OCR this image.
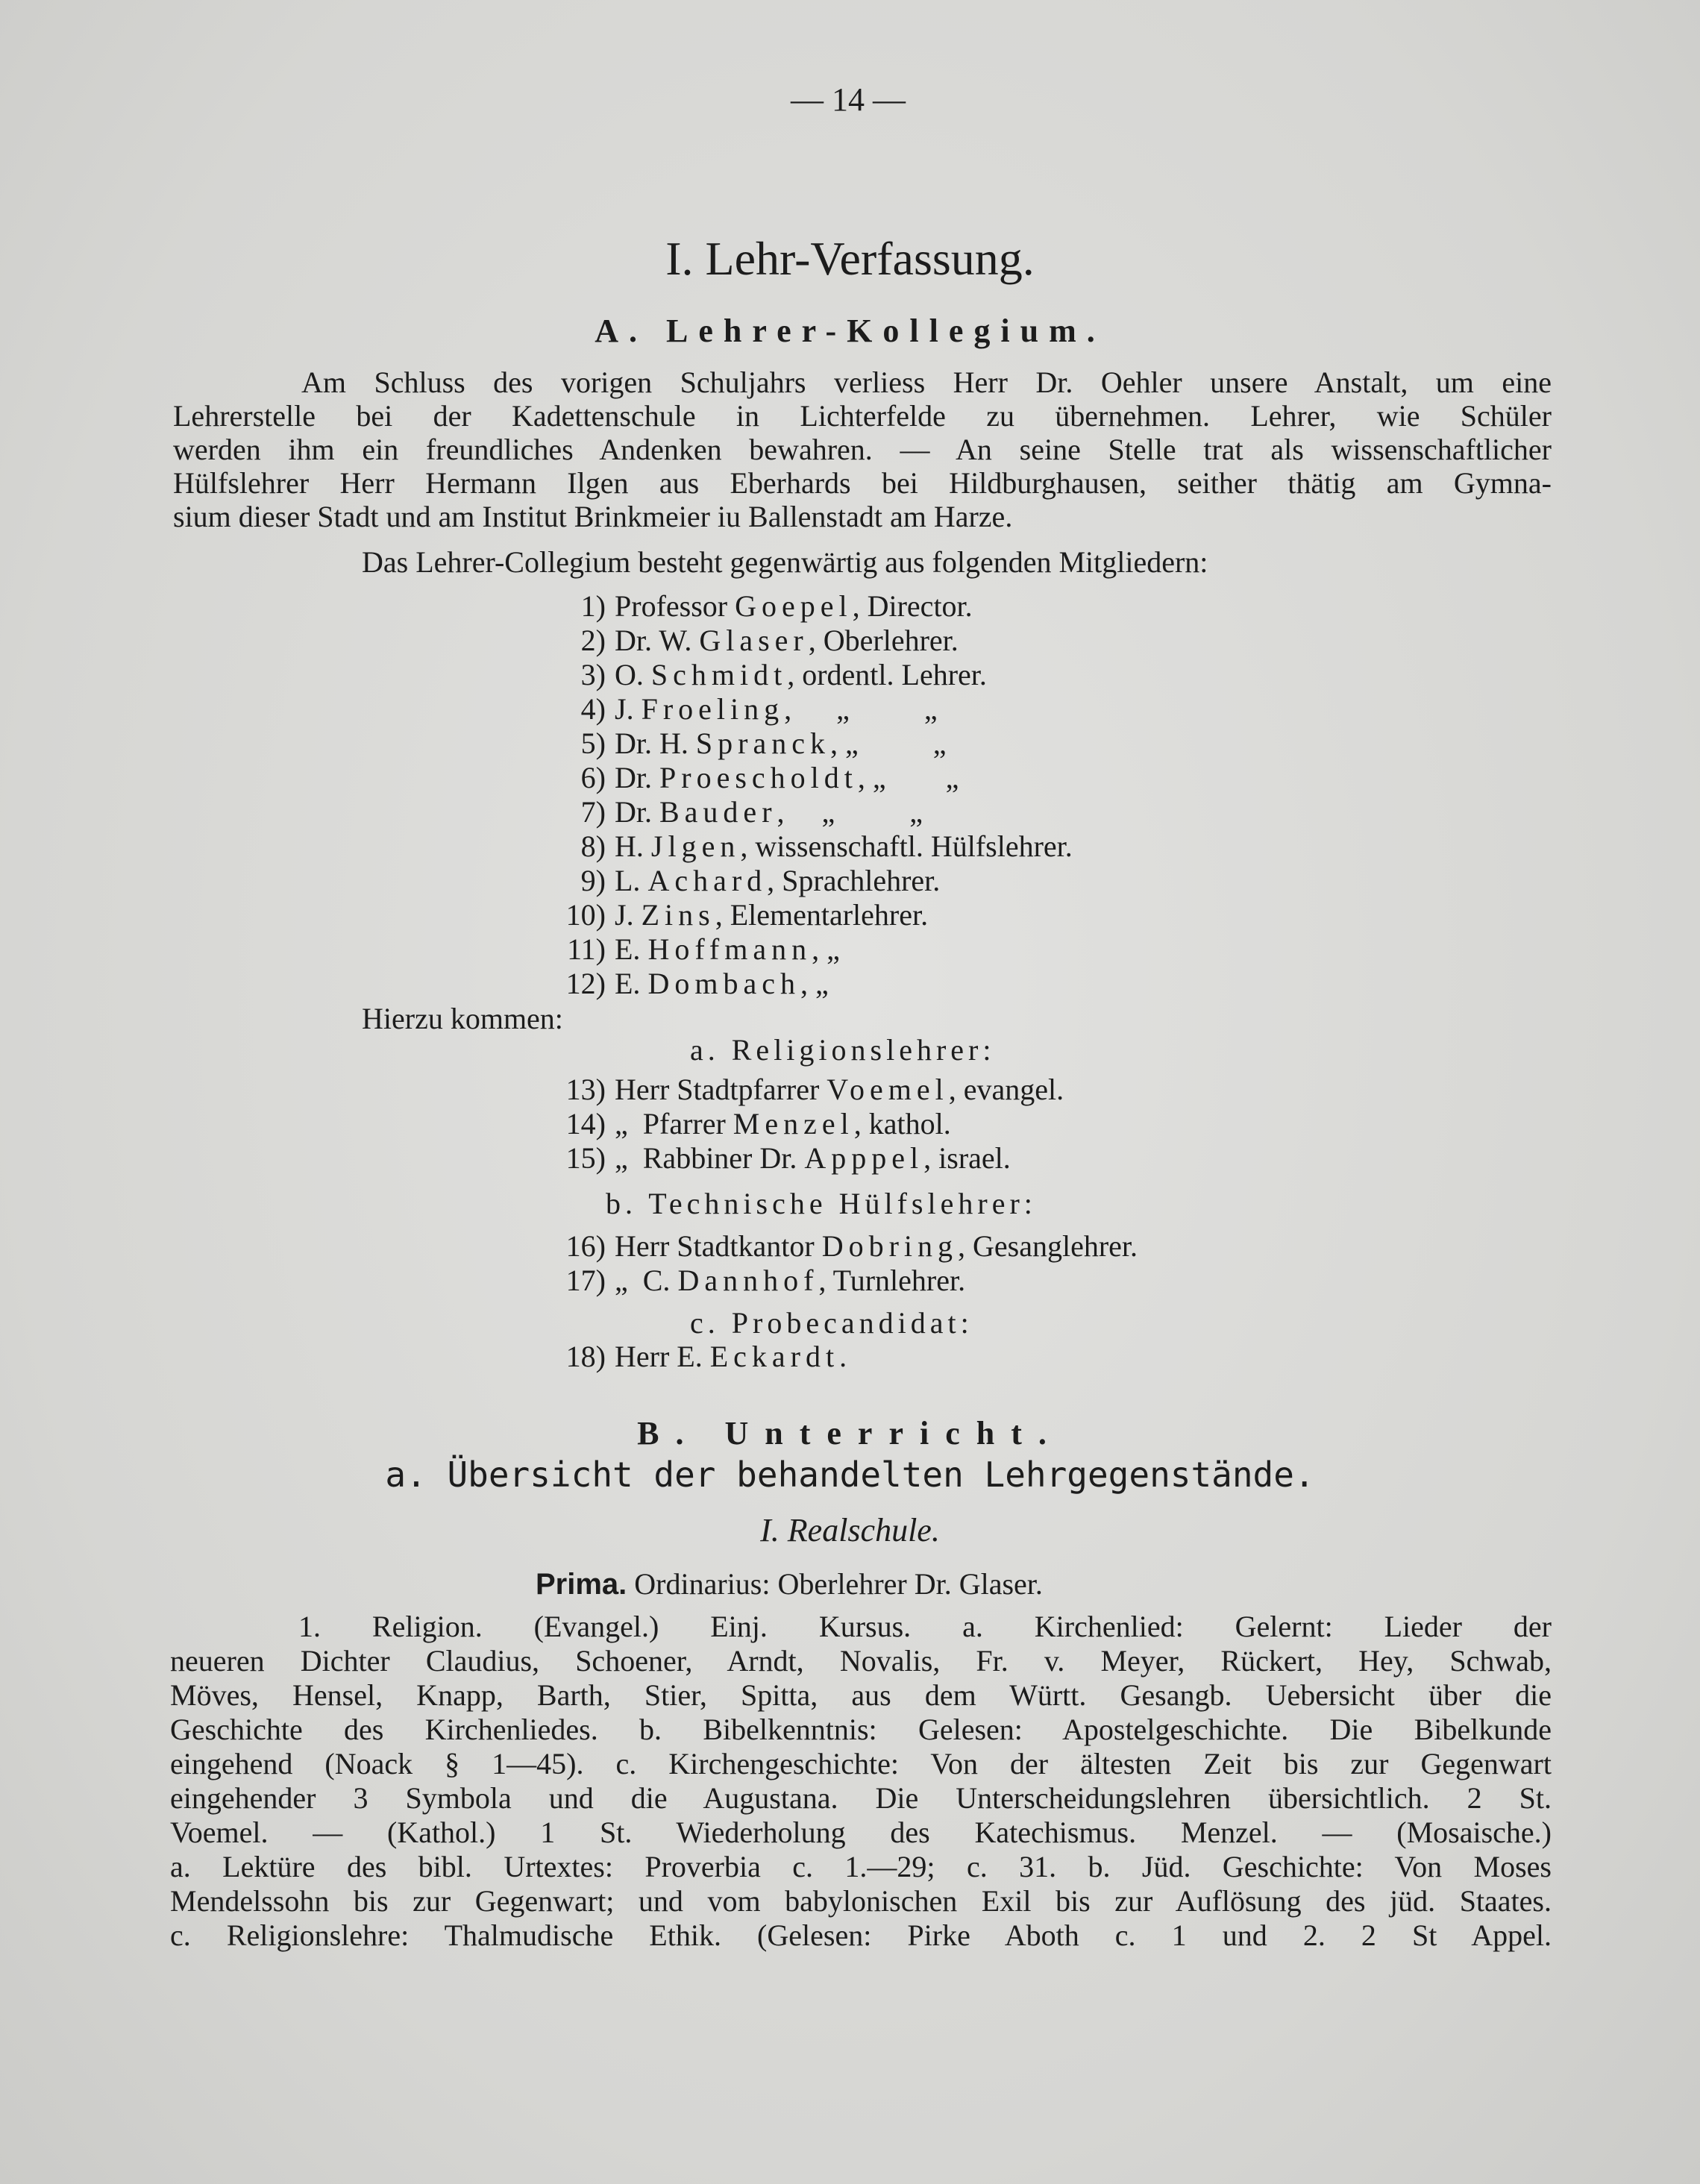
— 14 —
I. Lehr-Verfassung.
A. Lehrer-Kollegium.
Am Schluss des vorigen Schuljahrs verliess Herr Dr. Oehler unsere Anstalt, um eine
Lehrerstelle bei der Kadettenschule in Lichterfelde zu übernehmen. Lehrer, wie Schüler
werden ihm ein freundliches Andenken bewahren. — An seine Stelle trat als wissenschaftlicher
Hülfslehrer Herr Hermann Ilgen aus Eberhards bei Hildburghausen, seither thätig am Gymna-
sium dieser Stadt und am Institut Brinkmeier iu Ballenstadt am Harze.
Das Lehrer-Collegium besteht gegenwärtig aus folgenden Mitgliedern:
1) Professor Goepel, Director.
2) Dr. W. Glaser, Oberlehrer.
3) O. Schmidt, ordentl. Lehrer.
4) J. Froeling,      „          „
5) Dr. H. Spranck, „          „
6) Dr. Proescholdt, „        „
7) Dr. Bauder,     „          „
8) H. Jlgen, wissenschaftl. Hülfslehrer.
9) L. Achard, Sprachlehrer.
10) J. Zins, Elementarlehrer.
11) E. Hoffmann, „
12) E. Dombach, „
Hierzu kommen:
a. Religionslehrer:
13) Herr Stadtpfarrer Voemel, evangel.
14) „  Pfarrer Menzel, kathol.
15) „  Rabbiner Dr. Apppel, israel.
b. Technische Hülfslehrer:
16) Herr Stadtkantor Dobring, Gesanglehrer.
17) „  C. Dannhof, Turnlehrer.
c. Probecandidat:
18) Herr E. Eckardt.
B. Unterricht.
a. Übersicht der behandelten Lehrgegenstände.
I. Realschule.
Prima. Ordinarius: Oberlehrer Dr. Glaser.

1. Religion. (Evangel.) Einj. Kursus. a. Kirchenlied: Gelernt: Lieder der

neueren Dichter Claudius, Schoener, Arndt, Novalis, Fr. v. Meyer, Rückert, Hey, Schwab,

Möves, Hensel, Knapp, Barth, Stier, Spitta, aus dem Württ. Gesangb. Uebersicht über die

Geschichte des Kirchenliedes. b. Bibelkenntnis: Gelesen: Apostelgeschichte. Die Bibelkunde

eingehend (Noack § 1—45). c. Kirchengeschichte: Von der ältesten Zeit bis zur Gegenwart

eingehender 3 Symbola und die Augustana. Die Unterscheidungslehren übersichtlich. 2 St.

Voemel. — (Kathol.) 1 St. Wiederholung des Katechismus. Menzel. — (Mosaische.)

a. Lektüre des bibl. Urtextes: Proverbia c. 1.—29; c. 31. b. Jüd. Geschichte: Von Moses

Mendelssohn bis zur Gegenwart; und vom babylonischen Exil bis zur Auflösung des jüd. Staates.

c. Religionslehre: Thalmudische Ethik. (Gelesen: Pirke Aboth c. 1 und 2. 2 St Appel.
